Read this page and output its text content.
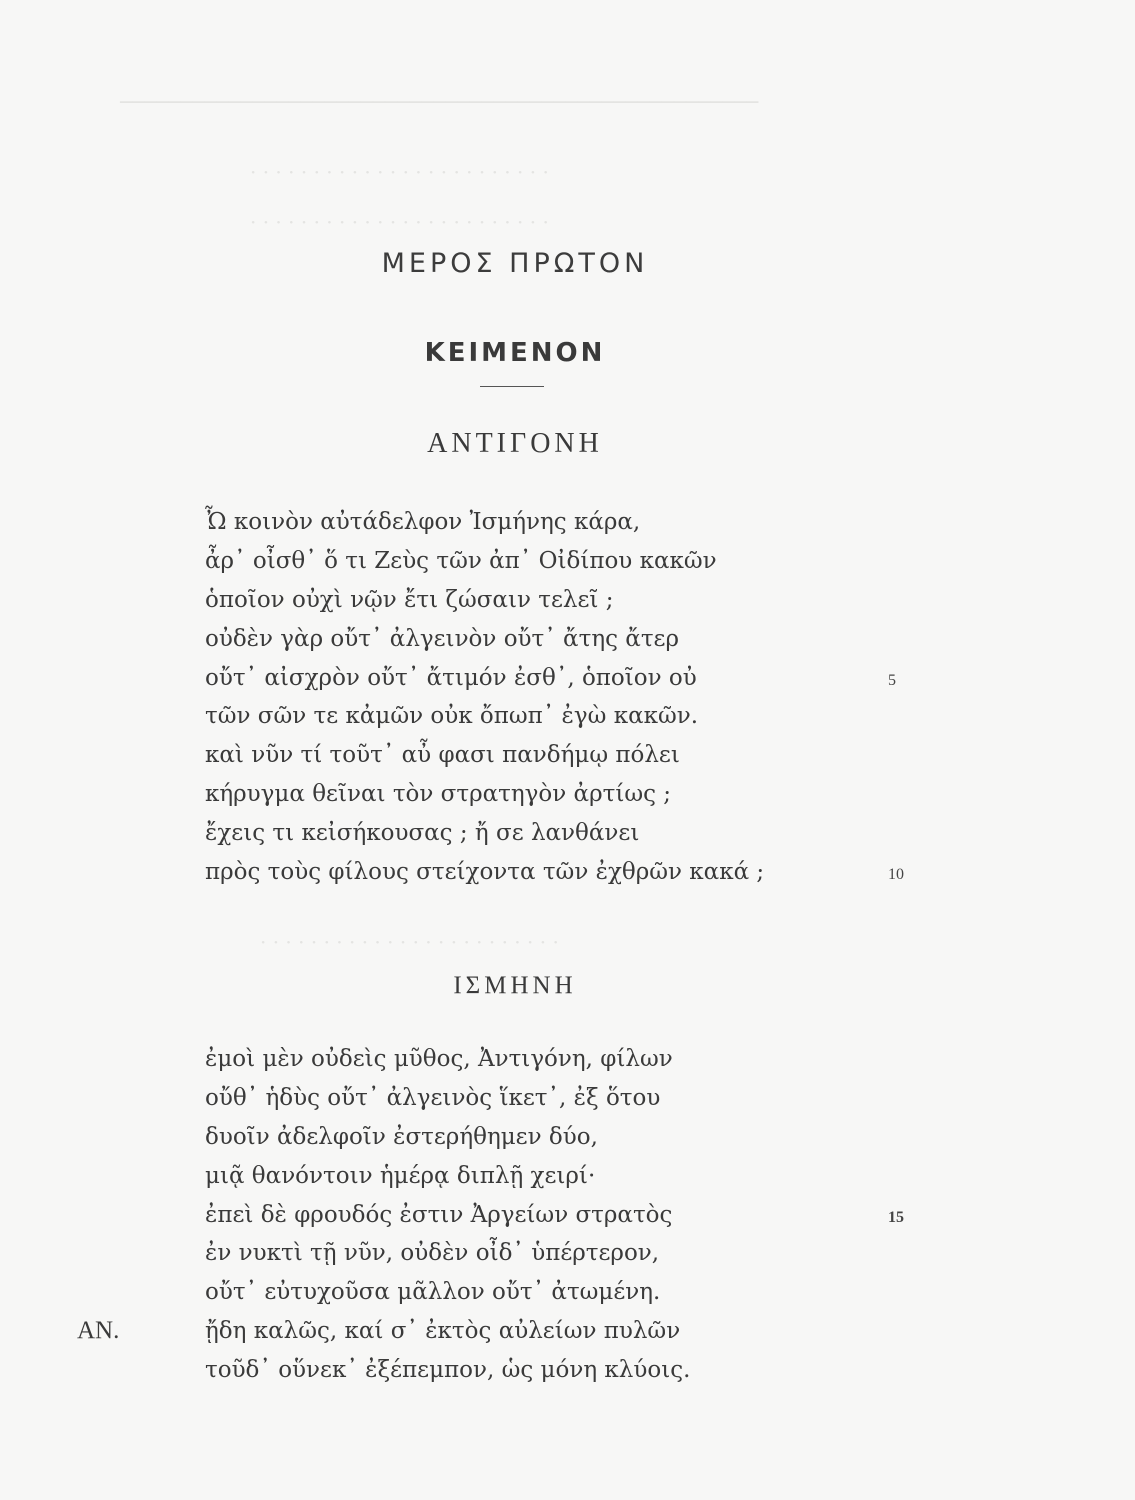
─────────────────────────────────────────────────────
· · · · · · · · · · · · · · · · · · · · · · · ·
· · · · · · · · · · · · · · · · · · · · · · · ·
· · · · · · · · · · · · · · · · · · · · · · · ·
ΜΕΡΟΣ ΠΡΩΤΟΝ
ΚΕΙΜΕΝΟΝ
ΑΝΤΙΓΟΝΗ
Ὦ κοινὸν αὐτάδελφον Ἰσμήνης κάρα,
ἆρ᾽ οἶσθ᾽ ὅ τι Ζεὺς τῶν ἀπ᾽ Οἰδίπου κακῶν
ὁποῖον οὐχὶ νῷν ἔτι ζώσαιν τελεῖ ;
οὐδὲν γὰρ οὔτ᾽ ἀλγεινὸν οὔτ᾽ ἄτης ἄτερ
οὔτ᾽ αἰσχρὸν οὔτ᾽ ἄτιμόν ἐσθ᾽, ὁποῖον οὐ	5
τῶν σῶν τε κἀμῶν οὐκ ὄπωπ᾽ ἐγὼ κακῶν.
καὶ νῦν τί τοῦτ᾽ αὖ φασι πανδήμῳ πόλει
κήρυγμα θεῖναι τὸν στρατηγὸν ἀρτίως ;
ἔχεις τι κεἰσήκουσας ; ἤ σε λανθάνει
πρὸς τοὺς φίλους στείχοντα τῶν ἐχθρῶν κακά ;	10
ΙΣΜΗΝΗ
ἐμοὶ μὲν οὐδεὶς μῦθος, Ἀντιγόνη, φίλων
οὔθ᾽ ἡδὺς οὔτ᾽ ἀλγεινὸς ἵκετ᾽, ἐξ ὅτου
δυοῖν ἀδελφοῖν ἐστερήθημεν δύο,
μιᾷ θανόντοιν ἡμέρᾳ διπλῇ χειρί·
ἐπεὶ δὲ φρουδός ἐστιν Ἀργείων στρατὸς	15
ἐν νυκτὶ τῇ νῦν, οὐδὲν οἶδ᾽ ὑπέρτερον,
οὔτ᾽ εὐτυχοῦσα μᾶλλον οὔτ᾽ ἀτωμένη.
ΑΝ.	ᾔδη καλῶς, καί σ᾽ ἐκτὸς αὐλείων πυλῶν
τοῦδ᾽ οὕνεκ᾽ ἐξέπεμπον, ὡς μόνη κλύοις.
